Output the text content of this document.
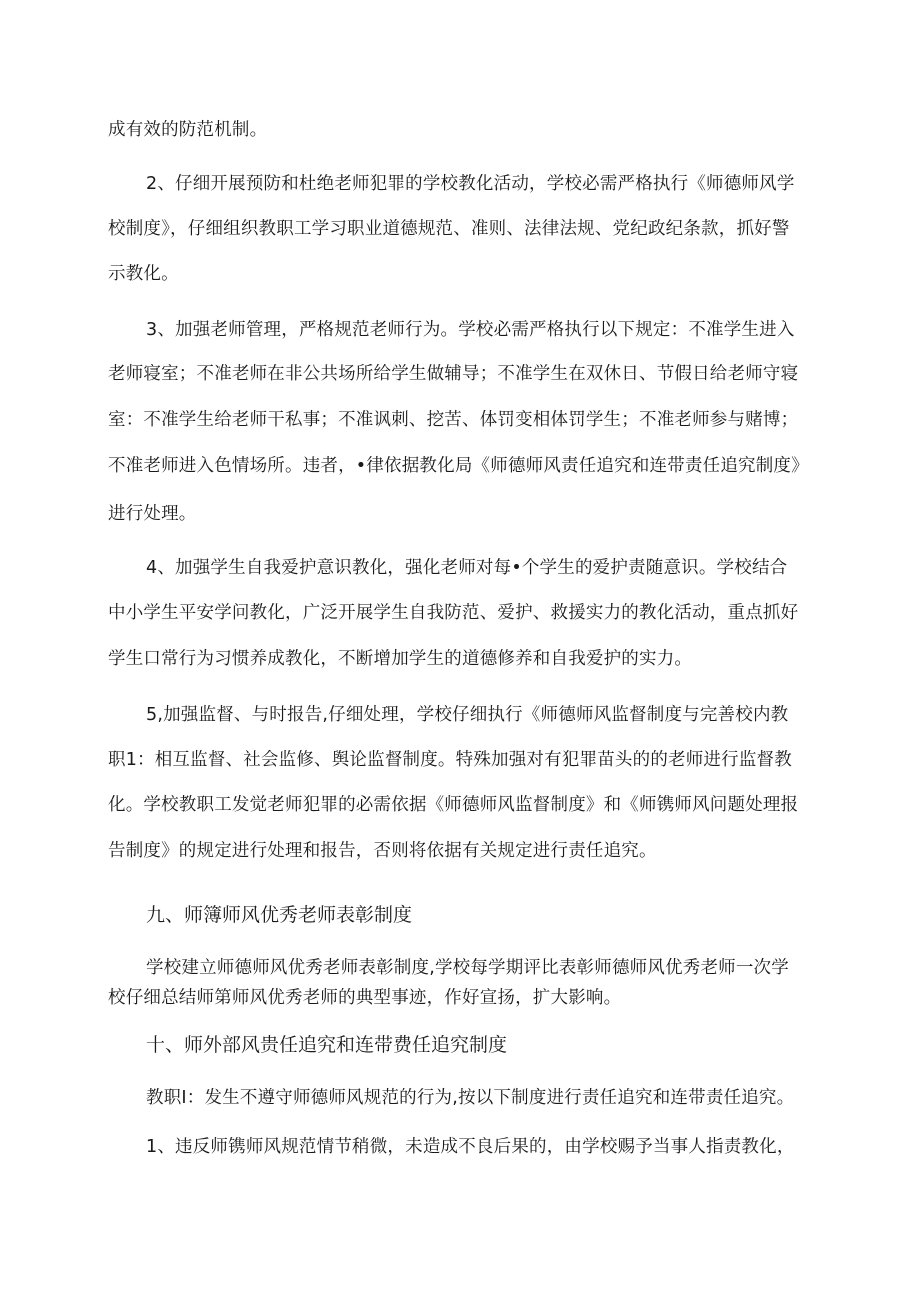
成有效的防范机制。
2、仔细开展预防和杜绝老师犯罪的学校教化活动，学校必需严格执行《师德师风学
校制度》，仔细组织教职工学习职业道德规范、准则、法律法规、党纪政纪条款，抓好警
示教化。
3、加强老师管理，严格规范老师行为。学校必需严格执行以下规定：不准学生进入
老师寝室；不准老师在非公共场所给学生做辅导；不准学生在双休日、节假日给老师守寝
室：不准学生给老师干私事；不准讽刺、挖苦、体罚变相体罚学生；不准老师参与赌博；
不准老师进入色情场所。违者，•律依据教化局《师德师风责任追究和连带责任追究制度》
进行处理。
4、加强学生自我爱护意识教化，强化老师对每•个学生的爱护责随意识。学校结合
中小学生平安学问教化，广泛开展学生自我防范、爱护、救援实力的教化活动，重点抓好
学生口常行为习惯养成教化，不断增加学生的道德修养和自我爱护的实力。
5,加强监督、与时报告,仔细处理，学校仔细执行《师德师风监督制度与完善校内教
职1：相互监督、社会监修、舆论监督制度。特殊加强对有犯罪苗头的的老师进行监督教
化。学校教职工发觉老师犯罪的必需依据《师德师风监督制度》和《师镌师风问题处理报
告制度》的规定进行处理和报告，否则将依据有关规定进行责任追究。
九、师簿师风优秀老师表彰制度
学校建立师德师风优秀老师表彰制度,学校每学期评比表彰师德师风优秀老师一次学
校仔细总结师第师风优秀老师的典型事迹，作好宣扬，扩大影响。
十、师外部风贵任追究和连带费任追究制度
教职I：发生不遵守师德师风规范的行为,按以下制度进行责任追究和连带责任追究。
1、违反师镌师风规范情节稍微，未造成不良后果的，由学校赐予当事人指责教化，
